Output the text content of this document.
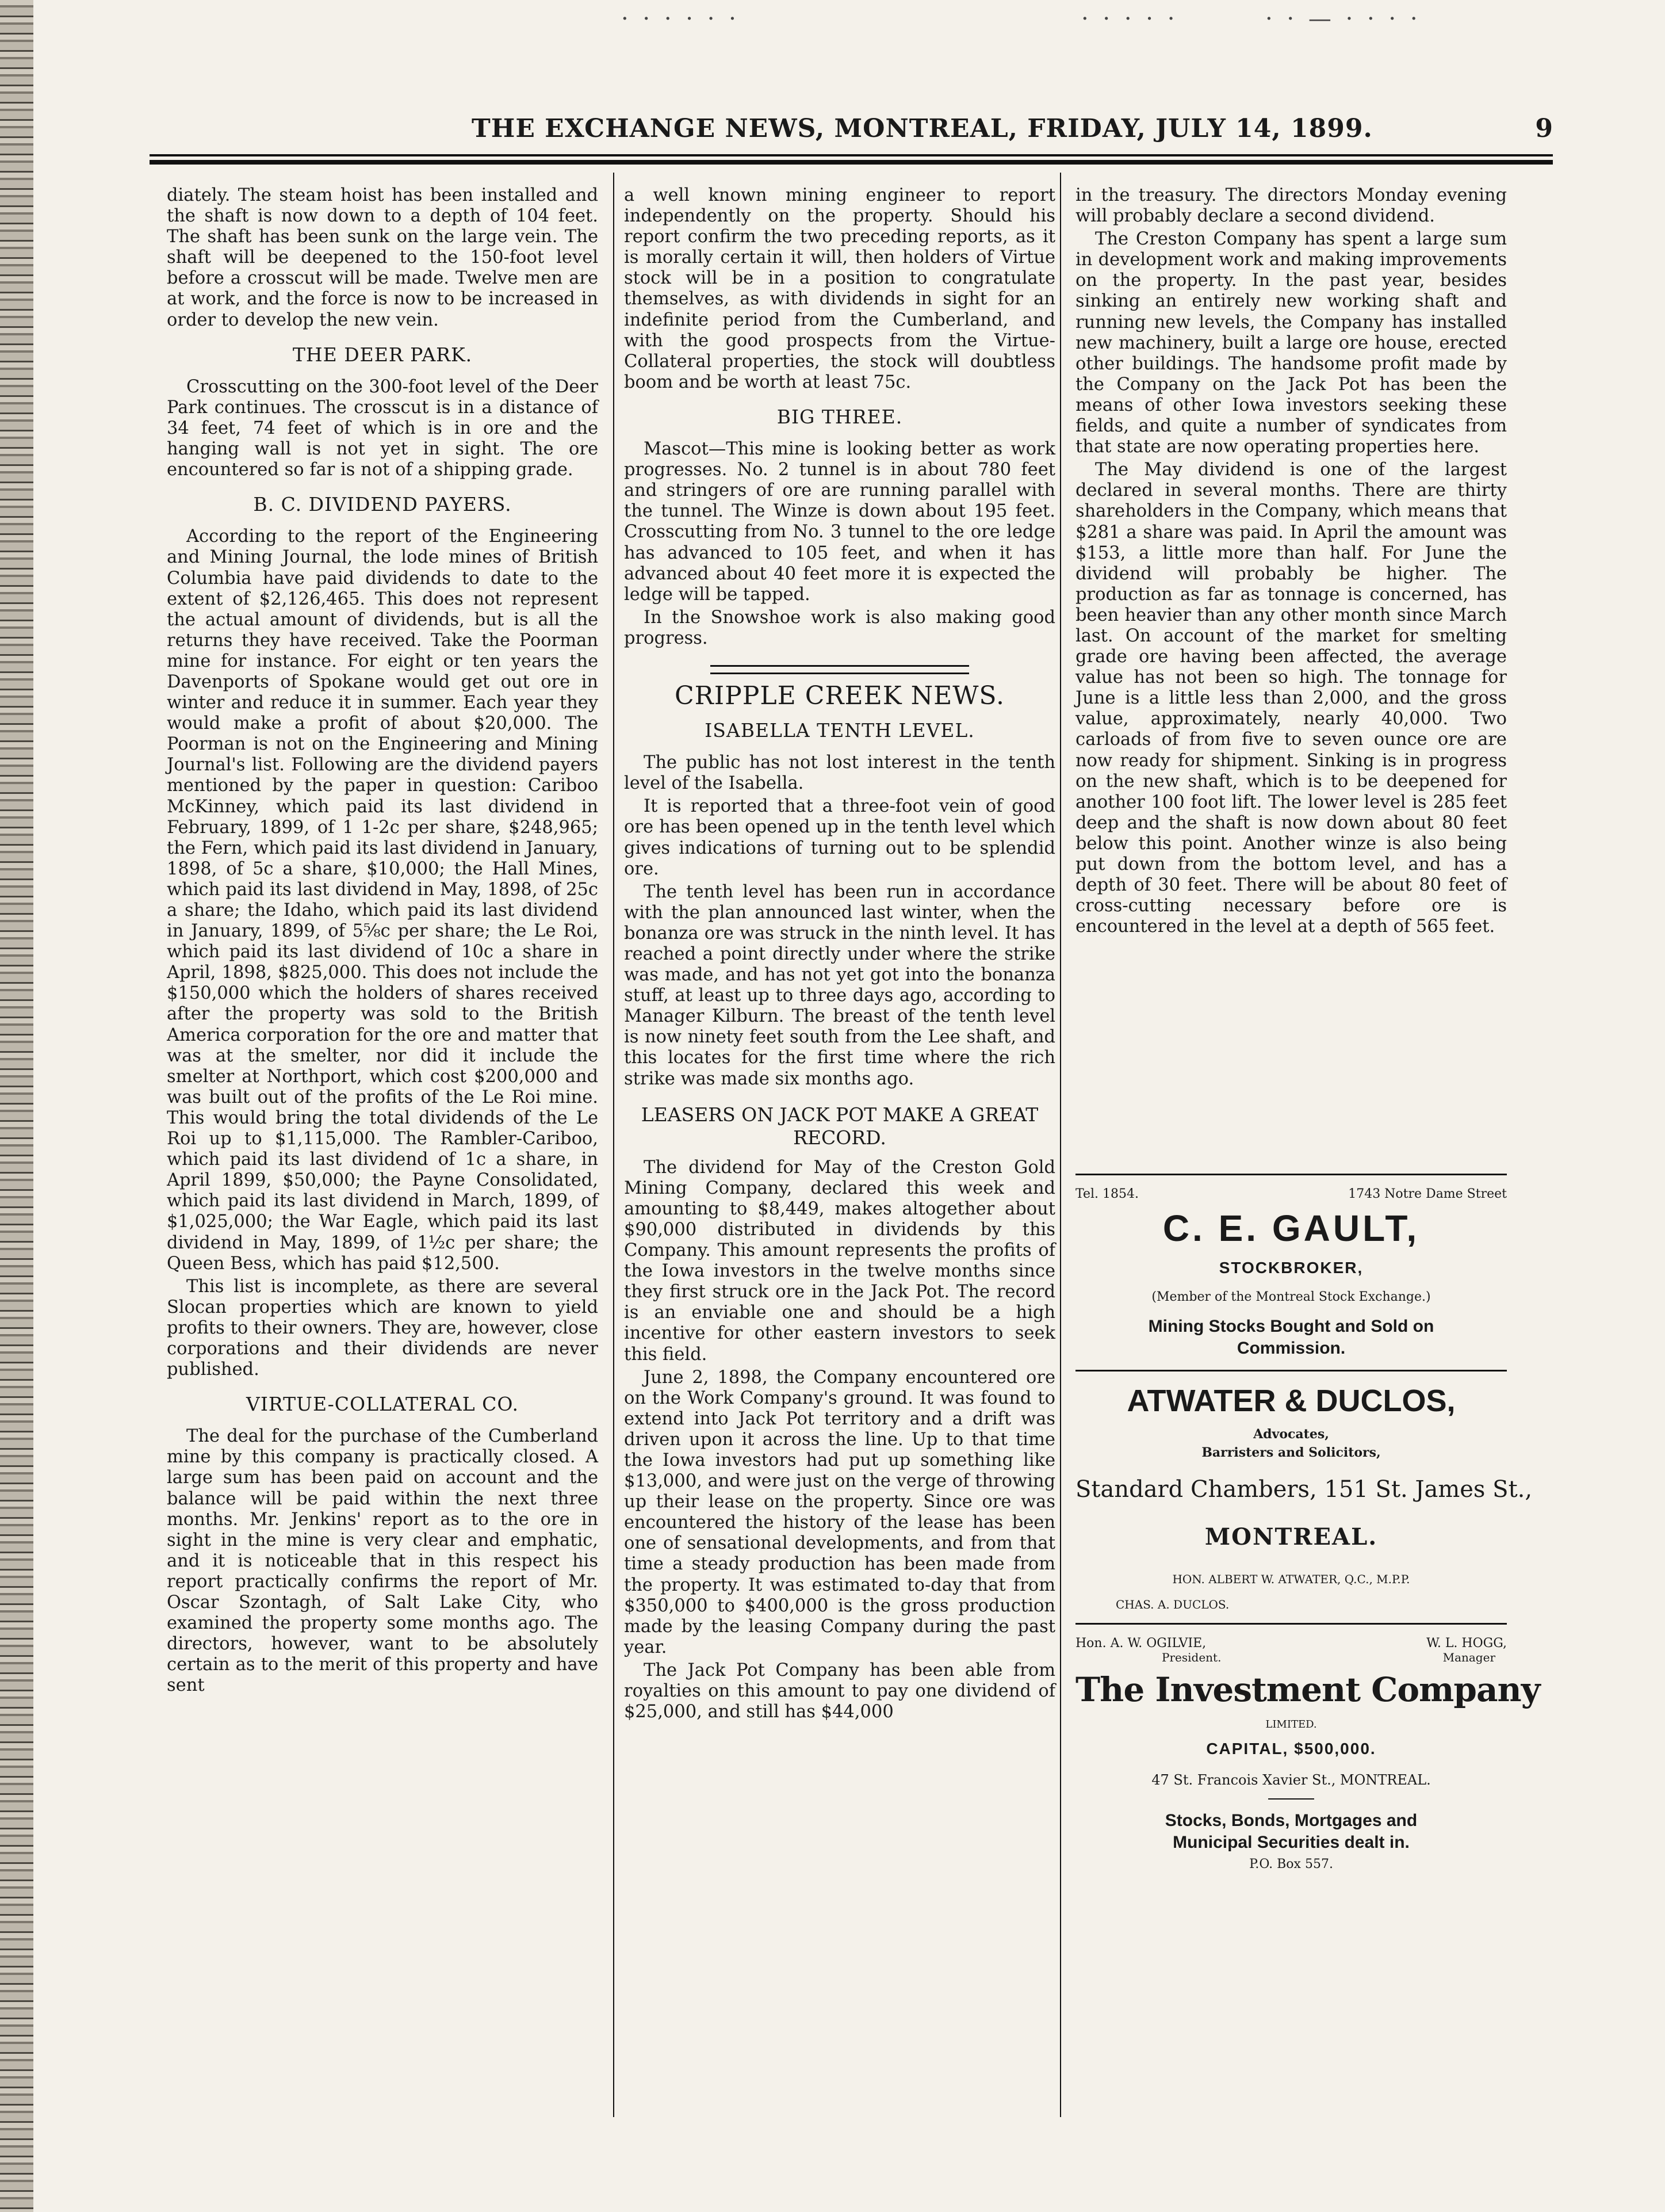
· · · · · ·	· · · · ·	· · — · · · ·
THE EXCHANGE NEWS, MONTREAL, FRIDAY, JULY 14, 1899.	9

diately. The steam hoist has been installed and the shaft is now down to a depth of 104 feet. The shaft has been sunk on the large vein. The shaft will be deepened to the 150-foot level before a crosscut will be made. Twelve men are at work, and the force is now to be increased in order to develop the new vein.

THE DEER PARK.

Crosscutting on the 300-foot level of the Deer Park continues. The crosscut is in a distance of 34 feet, 74 feet of which is in ore and the hanging wall is not yet in sight. The ore encountered so far is not of a shipping grade.

B. C. DIVIDEND PAYERS.

According to the report of the Engineering and Mining Journal, the lode mines of British Columbia have paid dividends to date to the extent of $2,126,465. This does not represent the actual amount of dividends, but is all the returns they have received. Take the Poorman mine for instance. For eight or ten years the Davenports of Spokane would get out ore in winter and reduce it in summer. Each year they would make a profit of about $20,000. The Poorman is not on the Engineering and Mining Journal's list. Following are the dividend payers mentioned by the paper in question: Cariboo McKinney, which paid its last dividend in February, 1899, of 1 1-2c per share, $248,965; the Fern, which paid its last dividend in January, 1898, of 5c a share, $10,000; the Hall Mines, which paid its last dividend in May, 1898, of 25c a share; the Idaho, which paid its last dividend in January, 1899, of 5⅝c per share; the Le Roi, which paid its last dividend of 10c a share in April, 1898, $825,000. This does not include the $150,000 which the holders of shares received after the property was sold to the British America corporation for the ore and matter that was at the smelter, nor did it include the smelter at Northport, which cost $200,000 and was built out of the profits of the Le Roi mine. This would bring the total dividends of the Le Roi up to $1,115,000. The Rambler-Cariboo, which paid its last dividend of 1c a share, in April 1899, $50,000; the Payne Consolidated, which paid its last dividend in March, 1899, of $1,025,000; the War Eagle, which paid its last dividend in May, 1899, of 1½c per share; the Queen Bess, which has paid $12,500.

This list is incomplete, as there are several Slocan properties which are known to yield profits to their owners. They are, however, close corporations and their dividends are never published.

VIRTUE-COLLATERAL CO.

The deal for the purchase of the Cumberland mine by this company is practically closed. A large sum has been paid on account and the balance will be paid within the next three months. Mr. Jenkins' report as to the ore in sight in the mine is very clear and emphatic, and it is noticeable that in this respect his report practically confirms the report of Mr. Oscar Szontagh, of Salt Lake City, who examined the property some months ago. The directors, however, want to be absolutely certain as to the merit of this property and have sent

a well known mining engineer to report independently on the property. Should his report confirm the two preceding reports, as it is morally certain it will, then holders of Virtue stock will be in a position to congratulate themselves, as with dividends in sight for an indefinite period from the Cumberland, and with the good prospects from the Virtue-Collateral properties, the stock will doubtless boom and be worth at least 75c.

BIG THREE.

Mascot—This mine is looking better as work progresses. No. 2 tunnel is in about 780 feet and stringers of ore are running parallel with the tunnel. The Winze is down about 195 feet. Crosscutting from No. 3 tunnel to the ore ledge has advanced to 105 feet, and when it has advanced about 40 feet more it is expected the ledge will be tapped.

In the Snowshoe work is also making good progress.

CRIPPLE CREEK NEWS.
ISABELLA TENTH LEVEL.

The public has not lost interest in the tenth level of the Isabella.

It is reported that a three-foot vein of good ore has been opened up in the tenth level which gives indications of turning out to be splendid ore.

The tenth level has been run in accordance with the plan announced last winter, when the bonanza ore was struck in the ninth level. It has reached a point directly under where the strike was made, and has not yet got into the bonanza stuff, at least up to three days ago, according to Manager Kilburn. The breast of the tenth level is now ninety feet south from the Lee shaft, and this locates for the first time where the rich strike was made six months ago.

LEASERS ON JACK POT MAKE A GREAT RECORD.

The dividend for May of the Creston Gold Mining Company, declared this week and amounting to $8,449, makes altogether about $90,000 distributed in dividends by this Company. This amount represents the profits of the Iowa investors in the twelve months since they first struck ore in the Jack Pot. The record is an enviable one and should be a high incentive for other eastern investors to seek this field.

June 2, 1898, the Company encountered ore on the Work Company's ground. It was found to extend into Jack Pot territory and a drift was driven upon it across the line. Up to that time the Iowa investors had put up something like $13,000, and were just on the verge of throwing up their lease on the property. Since ore was encountered the history of the lease has been one of sensational developments, and from that time a steady production has been made from the property. It was estimated to-day that from $350,000 to $400,000 is the gross production made by the leasing Company during the past year.

The Jack Pot Company has been able from royalties on this amount to pay one dividend of $25,000, and still has $44,000

in the treasury. The directors Monday evening will probably declare a second dividend.

The Creston Company has spent a large sum in development work and making improvements on the property. In the past year, besides sinking an entirely new working shaft and running new levels, the Company has installed new machinery, built a large ore house, erected other buildings. The handsome profit made by the Company on the Jack Pot has been the means of other Iowa investors seeking these fields, and quite a number of syndicates from that state are now operating properties here.

The May dividend is one of the largest declared in several months. There are thirty shareholders in the Company, which means that $281 a share was paid. In April the amount was $153, a little more than half. For June the dividend will probably be higher. The production as far as tonnage is concerned, has been heavier than any other month since March last. On account of the market for smelting grade ore having been affected, the average value has not been so high. The tonnage for June is a little less than 2,000, and the gross value, approximately, nearly 40,000. Two carloads of from five to seven ounce ore are now ready for shipment. Sinking is in progress on the new shaft, which is to be deepened for another 100 foot lift. The lower level is 285 feet deep and the shaft is now down about 80 feet below this point. Another winze is also being put down from the bottom level, and has a depth of 30 feet. There will be about 80 feet of cross-cutting necessary before ore is encountered in the level at a depth of 565 feet.

Tel. 1854.	1743 Notre Dame Street
C. E. GAULT,
STOCKBROKER,
(Member of the Montreal Stock Exchange.)
Mining Stocks Bought and Sold on
Commission.
ATWATER & DUCLOS,
Advocates,
Barristers and Solicitors,
Standard Chambers, 151 St. James St.,
MONTREAL.
HON. ALBERT W. ATWATER, Q.C., M.P.P.
CHAS. A. DUCLOS.
Hon. A. W. OGILVIE,	W. L. HOGG,
President.	Manager
The Investment Company
LIMITED.
CAPITAL, $500,000.
47 St. Francois Xavier St., MONTREAL.
Stocks, Bonds, Mortgages and
Municipal Securities dealt in.
P.O. Box 557.
